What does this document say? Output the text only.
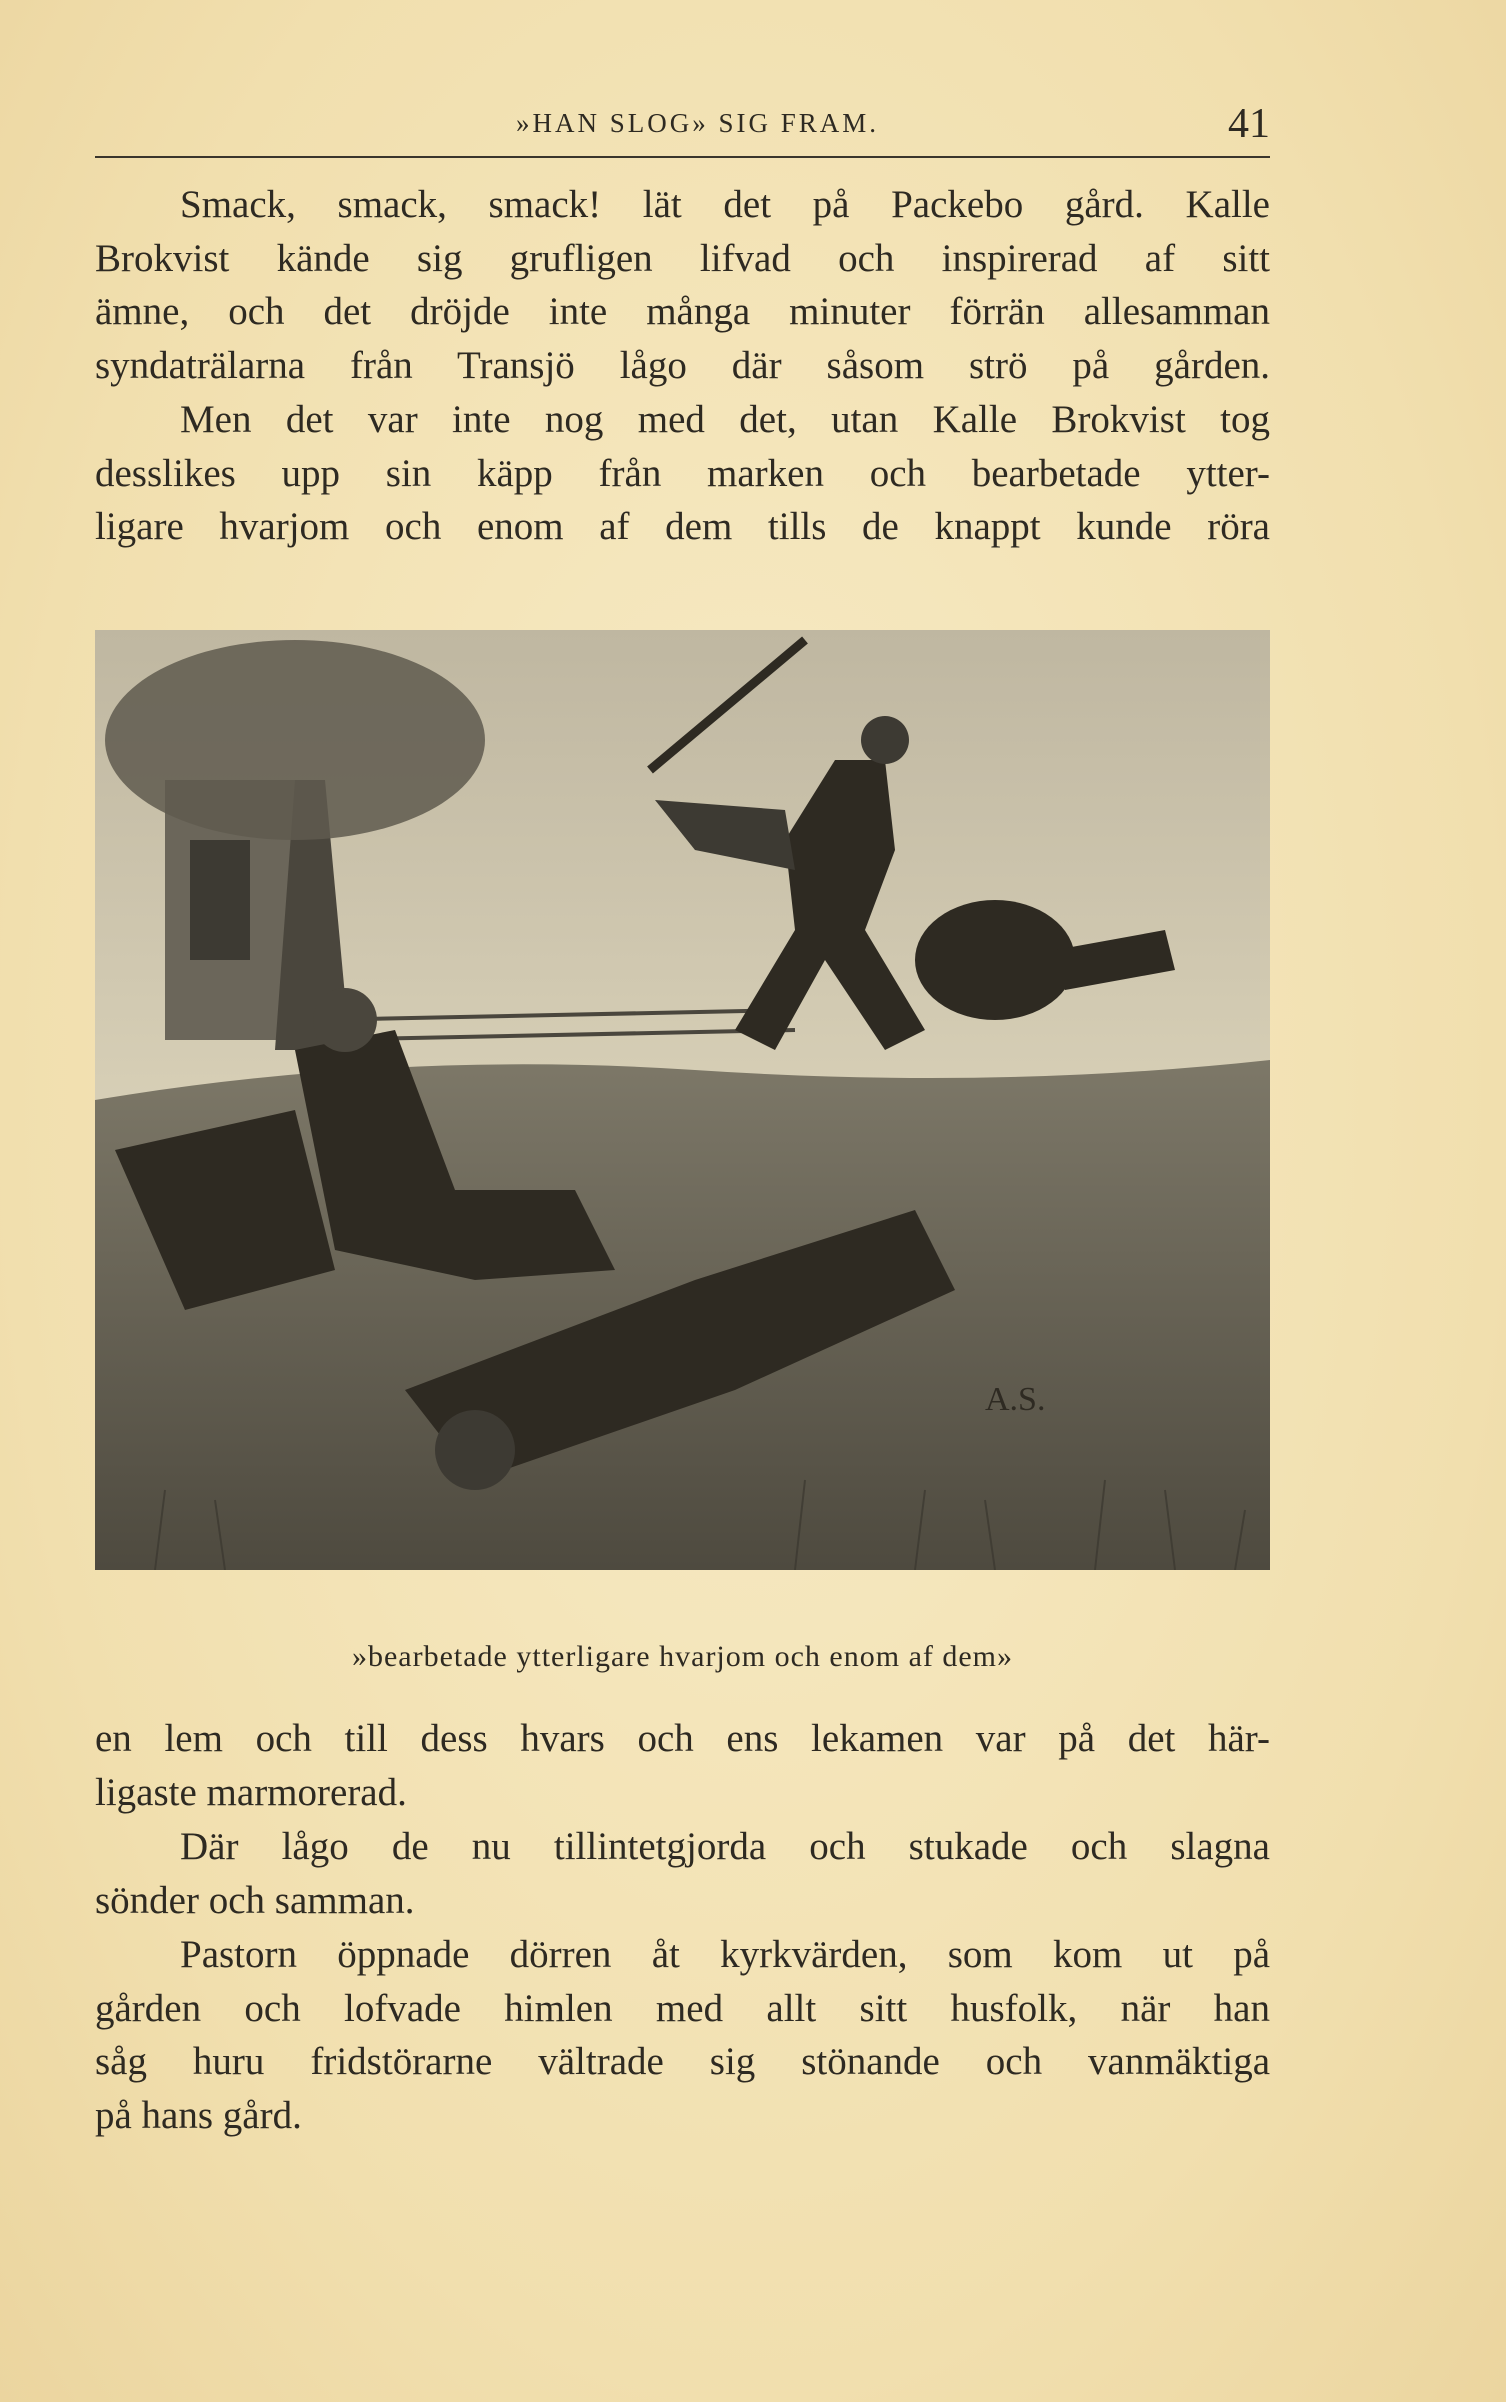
»HAN SLOG» SIG FRAM.	41
Smack, smack, smack! lät det på Packebo gård. Kalle
Brokvist kände sig grufligen lifvad och inspirerad af sitt
ämne, och det dröjde inte många minuter förrän allesamman
syndaträlarna från Transjö lågo där såsom strö på gården.
Men det var inte nog med det, utan Kalle Brokvist tog
desslikes upp sin käpp från marken och bearbetade ytter-
ligare hvarjom och enom af dem tills de knappt kunde röra
A.S.
»bearbetade ytterligare hvarjom och enom af dem»
en lem och till dess hvars och ens lekamen var på det här-
ligaste marmorerad.
Där lågo de nu tillintetgjorda och stukade och slagna
sönder och samman.
Pastorn öppnade dörren åt kyrkvärden, som kom ut på
gården och lofvade himlen med allt sitt husfolk, när han
såg huru fridstörarne vältrade sig stönande och vanmäktiga
på hans gård.
